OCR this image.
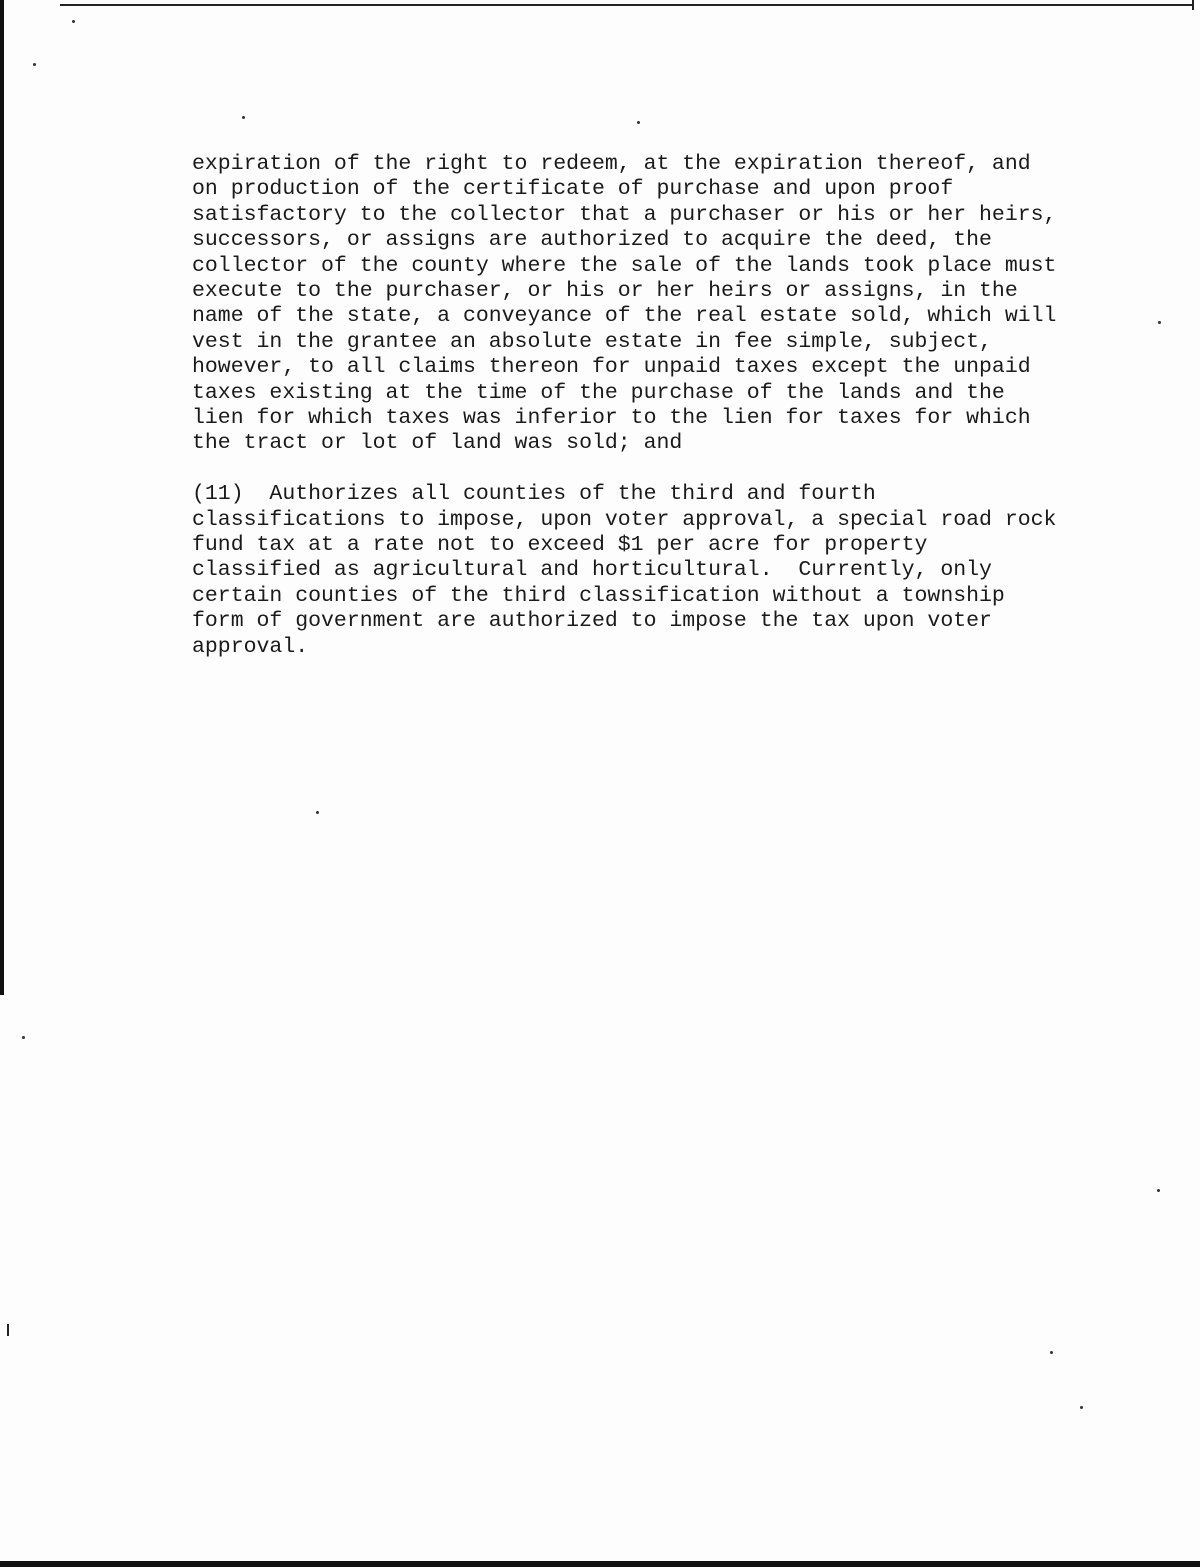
expiration of the right to redeem, at the expiration thereof, and
on production of the certificate of purchase and upon proof
satisfactory to the collector that a purchaser or his or her heirs,
successors, or assigns are authorized to acquire the deed, the
collector of the county where the sale of the lands took place must
execute to the purchaser, or his or her heirs or assigns, in the
name of the state, a conveyance of the real estate sold, which will
vest in the grantee an absolute estate in fee simple, subject,
however, to all claims thereon for unpaid taxes except the unpaid
taxes existing at the time of the purchase of the lands and the
lien for which taxes was inferior to the lien for taxes for which
the tract or lot of land was sold; and
(11)  Authorizes all counties of the third and fourth
classifications to impose, upon voter approval, a special road rock
fund tax at a rate not to exceed $1 per acre for property
classified as agricultural and horticultural.  Currently, only
certain counties of the third classification without a township
form of government are authorized to impose the tax upon voter
approval.
